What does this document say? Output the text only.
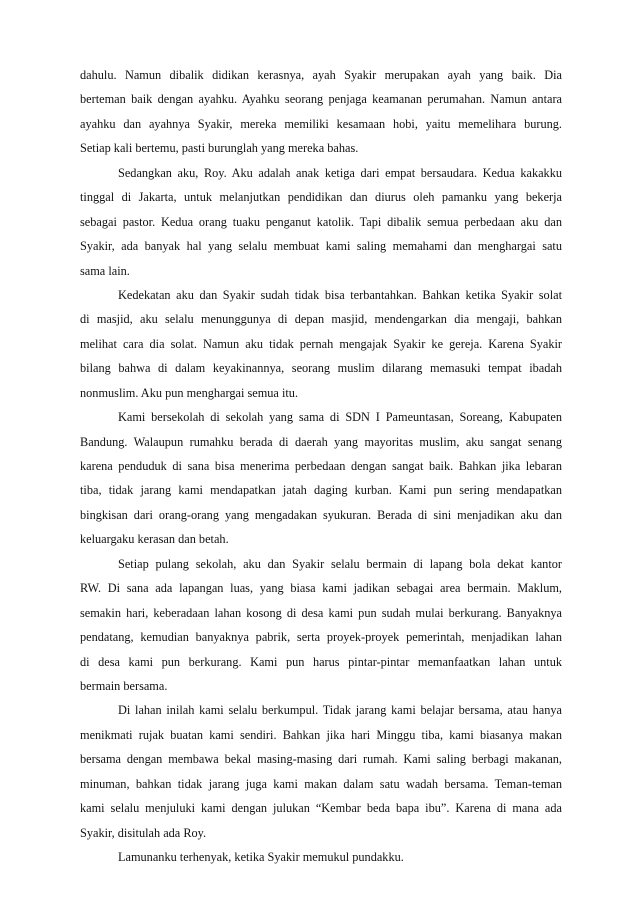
dahulu. Namun dibalik didikan kerasnya, ayah Syakir merupakan ayah yang baik. Dia
berteman baik dengan ayahku. Ayahku seorang penjaga keamanan perumahan. Namun antara
ayahku dan ayahnya Syakir, mereka memiliki kesamaan hobi, yaitu memelihara burung.
Setiap kali bertemu, pasti burunglah yang mereka bahas.
Sedangkan aku, Roy. Aku adalah anak ketiga dari empat bersaudara. Kedua kakakku
tinggal di Jakarta, untuk melanjutkan pendidikan dan diurus oleh pamanku yang bekerja
sebagai pastor. Kedua orang tuaku penganut katolik. Tapi dibalik semua perbedaan aku dan
Syakir, ada banyak hal yang selalu membuat kami saling memahami dan menghargai satu
sama lain.
Kedekatan aku dan Syakir sudah tidak bisa terbantahkan. Bahkan ketika Syakir solat
di masjid, aku selalu menunggunya di depan masjid, mendengarkan dia mengaji, bahkan
melihat cara dia solat. Namun aku tidak pernah mengajak Syakir ke gereja. Karena Syakir
bilang bahwa di dalam keyakinannya, seorang muslim dilarang memasuki tempat ibadah
nonmuslim. Aku pun menghargai semua itu.
Kami bersekolah di sekolah yang sama di SDN I Pameuntasan, Soreang, Kabupaten
Bandung. Walaupun rumahku berada di daerah yang mayoritas muslim, aku sangat senang
karena penduduk di sana bisa menerima perbedaan dengan sangat baik. Bahkan jika lebaran
tiba, tidak jarang kami mendapatkan jatah daging kurban. Kami pun sering mendapatkan
bingkisan dari orang-orang yang mengadakan syukuran. Berada di sini menjadikan aku dan
keluargaku kerasan dan betah.
Setiap pulang sekolah, aku dan Syakir selalu bermain di lapang bola dekat kantor
RW. Di sana ada lapangan luas, yang biasa kami jadikan sebagai area bermain. Maklum,
semakin hari, keberadaan lahan kosong di desa kami pun sudah mulai berkurang. Banyaknya
pendatang, kemudian banyaknya pabrik, serta proyek-proyek pemerintah, menjadikan lahan
di desa kami pun berkurang. Kami pun harus pintar-pintar memanfaatkan lahan untuk
bermain bersama.
Di lahan inilah kami selalu berkumpul. Tidak jarang kami belajar bersama, atau hanya
menikmati rujak buatan kami sendiri. Bahkan jika hari Minggu tiba, kami biasanya makan
bersama dengan membawa bekal masing-masing dari rumah. Kami saling berbagi makanan,
minuman, bahkan tidak jarang juga kami makan dalam satu wadah bersama. Teman-teman
kami selalu menjuluki kami dengan julukan “Kembar beda bapa ibu”. Karena di mana ada
Syakir, disitulah ada Roy.
Lamunanku terhenyak, ketika Syakir memukul pundakku.
